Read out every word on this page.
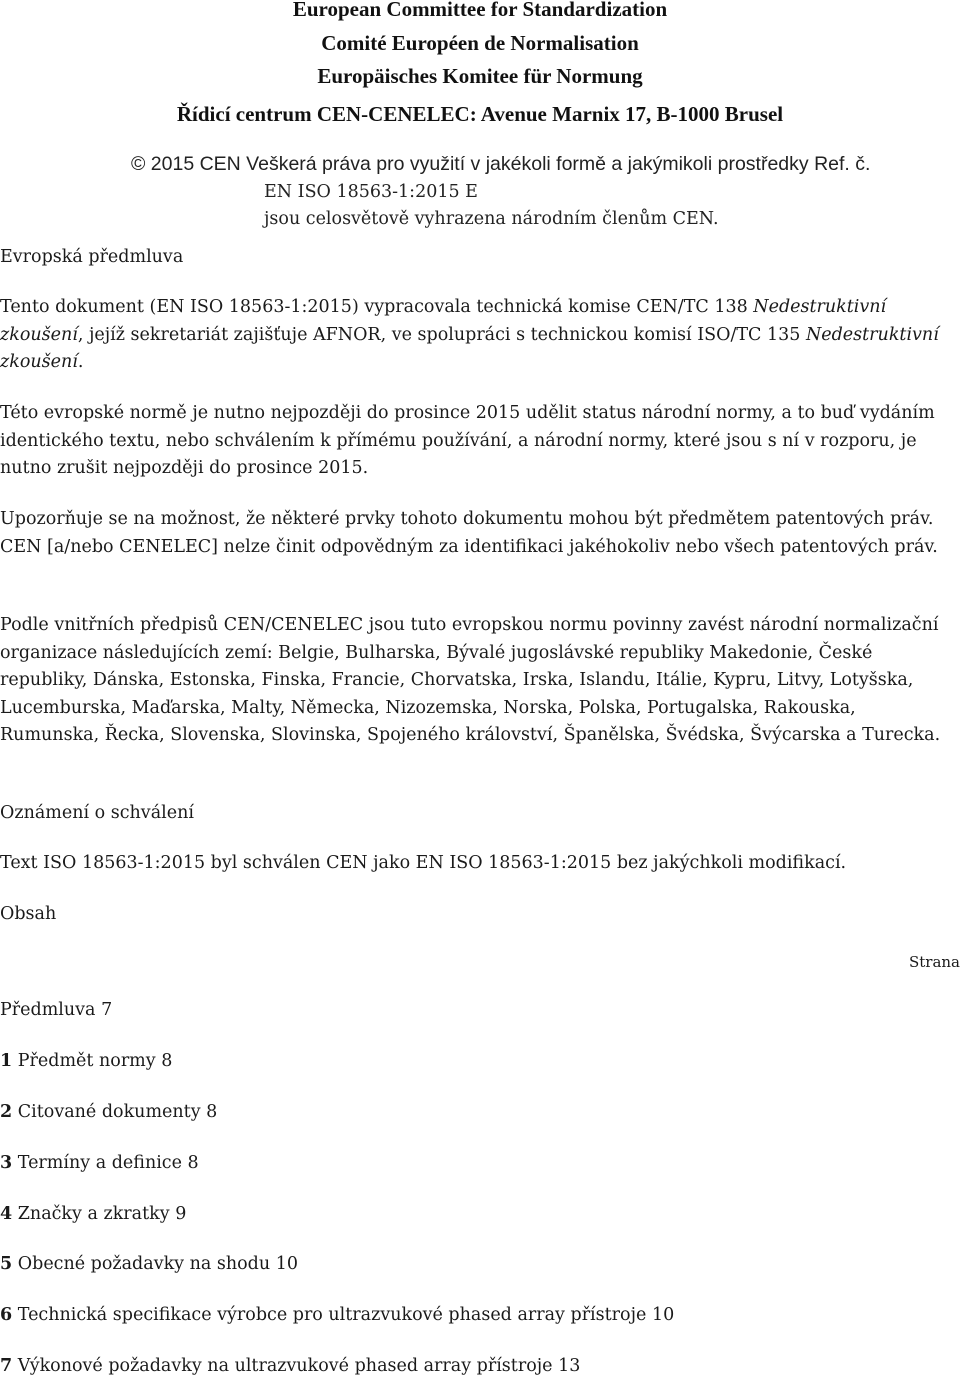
European Committee for Standardization
Comité Européen de Normalisation
Europäisches Komitee für Normung
Řídicí centrum CEN-CENELEC: Avenue Marnix 17, B-1000 Brusel
© 2015 CEN Veškerá práva pro využití v jakékoli formě a jakýmikoli prostředky Ref. č.
EN ISO 18563-1:2015 E
jsou celosvětově vyhrazena národním členům CEN.
Evropská předmluva
Tento dokument (EN ISO 18563-1:2015) vypracovala technická komise CEN/TC 138 Nedestruktivní zkoušení, jejíž sekretariát zajišťuje AFNOR, ve spolupráci s technickou komisí ISO/TC 135 Nedestruktivní zkoušení.
Této evropské normě je nutno nejpozději do prosince 2015 udělit status národní normy, a to buď vydáním identického textu, nebo schválením k přímému používání, a národní normy, které jsou s ní v rozporu, je nutno zrušit nejpozději do prosince 2015.
Upozorňuje se na možnost, že některé prvky tohoto dokumentu mohou být předmětem patentových práv. CEN [a/nebo CENELEC] nelze činit odpovědným za identifikaci jakéhokoliv nebo všech patentových práv.
Podle vnitřních předpisů CEN/CENELEC jsou tuto evropskou normu povinny zavést národní normalizační organizace následujících zemí: Belgie, Bulharska, Bývalé jugoslávské republiky Makedonie, České republiky, Dánska, Estonska, Finska, Francie, Chorvatska, Irska, Islandu, Itálie, Kypru, Litvy, Lotyšska, Lucemburska, Maďarska, Malty, Německa, Nizozemska, Norska, Polska, Portugalska, Rakouska, Rumunska, Řecka, Slovenska, Slovinska, Spojeného království, Španělska, Švédska, Švýcarska a Turecka.
Oznámení o schválení
Text ISO 18563-1:2015 byl schválen CEN jako EN ISO 18563-1:2015 bez jakýchkoli modifikací.
Obsah
Strana
Předmluva 7
1 Předmět normy 8
2 Citované dokumenty 8
3 Termíny a definice 8
4 Značky a zkratky 9
5 Obecné požadavky na shodu 10
6 Technická specifikace výrobce pro ultrazvukové phased array přístroje 10
7 Výkonové požadavky na ultrazvukové phased array přístroje 13
